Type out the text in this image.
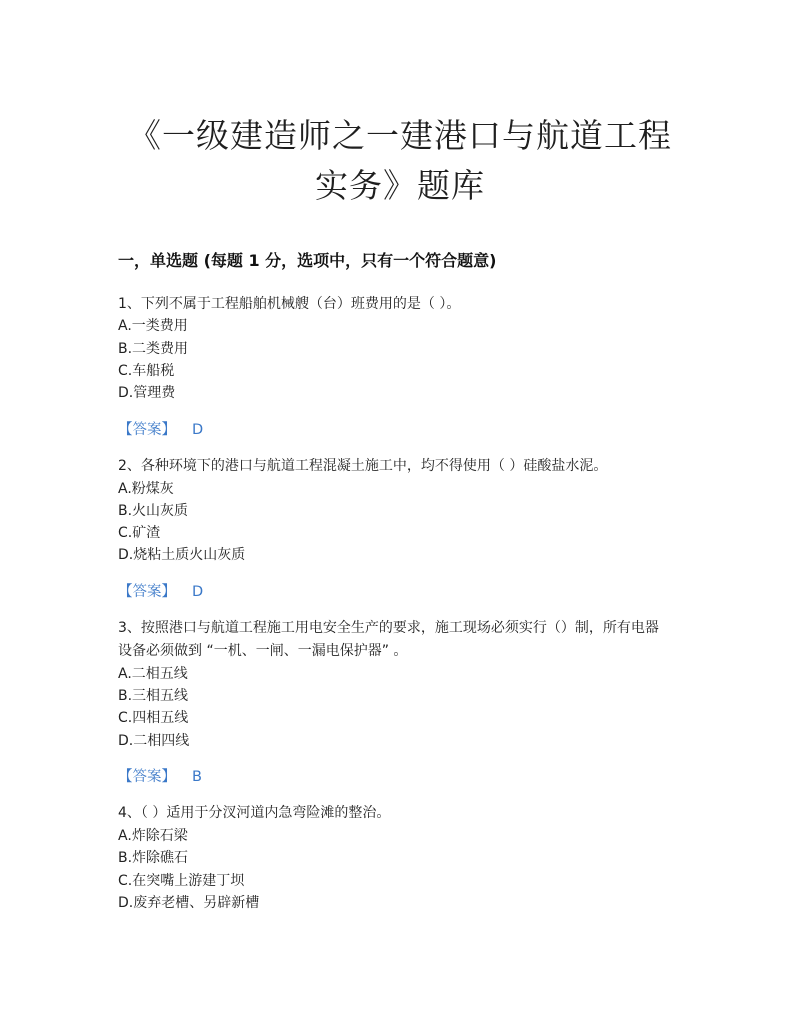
《一级建造师之一建港口与航道工程
实务》题库
一，单选题 (每题 1 分，选项中，只有一个符合题意)
1、下列不属于工程船舶机械艘（台）班费用的是（ ）。
A.一类费用
B.二类费用
C.车船税
D.管理费
【答案】 D
2、各种环境下的港口与航道工程混凝土施工中，均不得使用（ ）硅酸盐水泥。
A.粉煤灰
B.火山灰质
C.矿渣
D.烧粘土质火山灰质
【答案】 D
3、按照港口与航道工程施工用电安全生产的要求，施工现场必须实行（）制，所有电器
设备必须做到 “一机、一闸、一漏电保护器” 。
A.二相五线
B.三相五线
C.四相五线
D.二相四线
【答案】 B
4、（ ）适用于分汊河道内急弯险滩的整治。
A.炸除石梁
B.炸除礁石
C.在突嘴上游建丁坝
D.废弃老槽、另辟新槽
